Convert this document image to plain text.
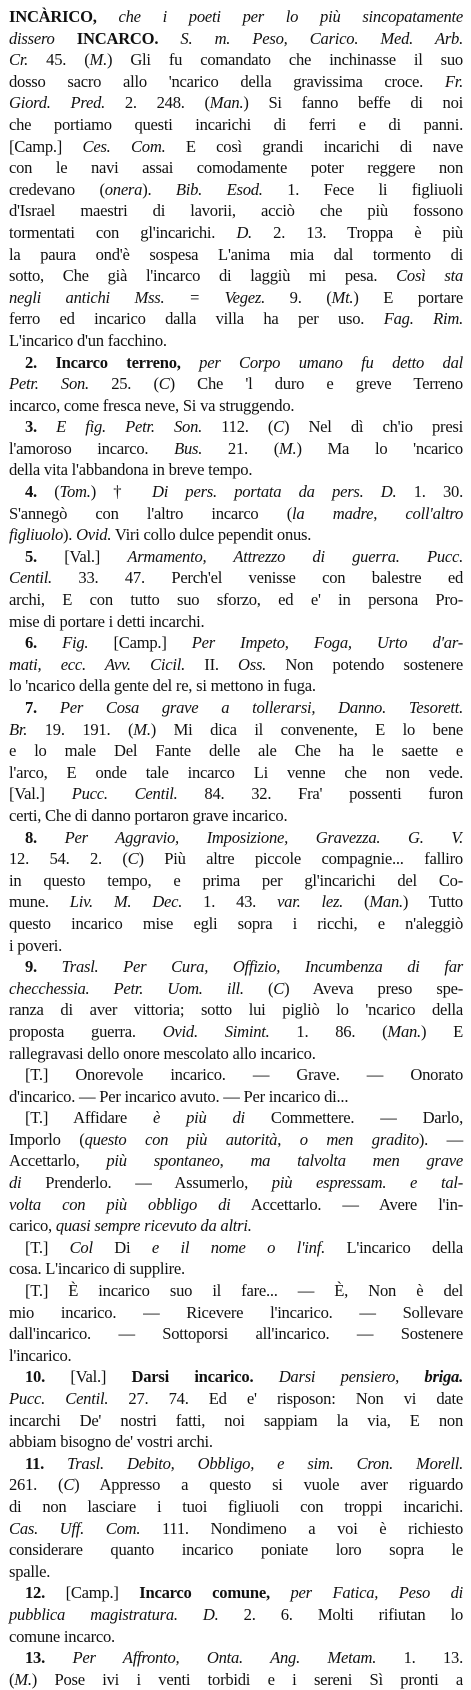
INCÀRICO, che i poeti per lo più sincopatamente
dissero INCARCO. S. m. Peso, Carico. Med. Arb.
Cr. 45. (M.) Gli fu comandato che inchinasse il suo
dosso sacro allo 'ncarico della gravissima croce. Fr.
Giord. Pred. 2. 248. (Man.) Si fanno beffe di noi
che portiamo questi incarichi di ferri e di panni.
[Camp.] Ces. Com. E così grandi incarichi di nave
con le navi assai comodamente poter reggere non
credevano (onera). Bib. Esod. 1. Fece li figliuoli
d'Israel maestri di lavorii, acciò che più fossono
tormentati con gl'incarichi. D. 2. 13. Troppa è più
la paura ond'è sospesa L'anima mia dal tormento di
sotto, Che già l'incarco di laggiù mi pesa. Così sta
negli antichi Mss. = Vegez. 9. (Mt.) E portare
ferro ed incarico dalla villa ha per uso. Fag. Rim.
L'incarico d'un facchino.
2. Incarco terreno, per Corpo umano fu detto dal
Petr. Son. 25. (C) Che 'l duro e greve Terreno
incarco, come fresca neve, Si va struggendo.
3. E fig. Petr. Son. 112. (C) Nel dì ch'io presi
l'amoroso incarco. Bus. 21. (M.) Ma lo 'ncarico
della vita l'abbandona in breve tempo.
4. (Tom.) † Di pers. portata da pers. D. 1. 30.
S'annegò con l'altro incarco (la madre, coll'altro
figliuolo). Ovid. Viri collo dulce pependit onus.
5. [Val.] Armamento, Attrezzo di guerra. Pucc.
Centil. 33. 47. Perch'el venisse con balestre ed
archi, E con tutto suo sforzo, ed e' in persona Pro-
mise di portare i detti incarchi.
6. Fig. [Camp.] Per Impeto, Foga, Urto d'ar-
mati, ecc. Avv. Cicil. II. Oss. Non potendo sostenere
lo 'ncarico della gente del re, si mettono in fuga.
7. Per Cosa grave a tollerarsi, Danno. Tesorett.
Br. 19. 191. (M.) Mi dica il convenente, E lo bene
e lo male Del Fante delle ale Che ha le saette e
l'arco, E onde tale incarco Li venne che non vede.
[Val.] Pucc. Centil. 84. 32. Fra' possenti furon
certi, Che di danno portaron grave incarico.
8. Per Aggravio, Imposizione, Gravezza. G. V.
12. 54. 2. (C) Più altre piccole compagnie... falliro
in questo tempo, e prima per gl'incarichi del Co-
mune. Liv. M. Dec. 1. 43. var. lez. (Man.) Tutto
questo incarico mise egli sopra i ricchi, e n'aleggiò
i poveri.
9. Trasl. Per Cura, Offizio, Incumbenza di far
checchessia. Petr. Uom. ill. (C) Aveva preso spe-
ranza di aver vittoria; sotto lui pigliò lo 'ncarico della
proposta guerra. Ovid. Simint. 1. 86. (Man.) E
rallegravasi dello onore mescolato allo incarico.
[T.] Onorevole incarico. — Grave. — Onorato
d'incarico. — Per incarico avuto. — Per incarico di...
[T.] Affidare è più di Commettere. — Darlo,
Imporlo (questo con più autorità, o men gradito). —
Accettarlo, più spontaneo, ma talvolta men grave
di Prenderlo. — Assumerlo, più espressam. e tal-
volta con più obbligo di Accettarlo. — Avere l'in-
carico, quasi sempre ricevuto da altri.
[T.] Col Di e il nome o l'inf. L'incarico della
cosa. L'incarico di supplire.
[T.] È incarico suo il fare... — È, Non è del
mio incarico. — Ricevere l'incarico. — Sollevare
dall'incarico. — Sottoporsi all'incarico. — Sostenere
l'incarico.
10. [Val.] Darsi incarico. Darsi pensiero, briga.
Pucc. Centil. 27. 74. Ed e' risposon: Non vi date
incarchi De' nostri fatti, noi sappiam la via, E non
abbiam bisogno de' vostri archi.
11. Trasl. Debito, Obbligo, e sim. Cron. Morell.
261. (C) Appresso a questo si vuole aver riguardo
di non lasciare i tuoi figliuoli con troppi incarichi.
Cas. Uff. Com. 111. Nondimeno a voi è richiesto
considerare quanto incarico poniate loro sopra le
spalle.
12. [Camp.] Incarco comune, per Fatica, Peso di
pubblica magistratura. D. 2. 6. Molti rifiutan lo
comune incarco.
13. Per Affronto, Onta. Ang. Metam. 1. 13.
(M.) Pose ivi i venti torbidi e i sereni Sì pronti a
